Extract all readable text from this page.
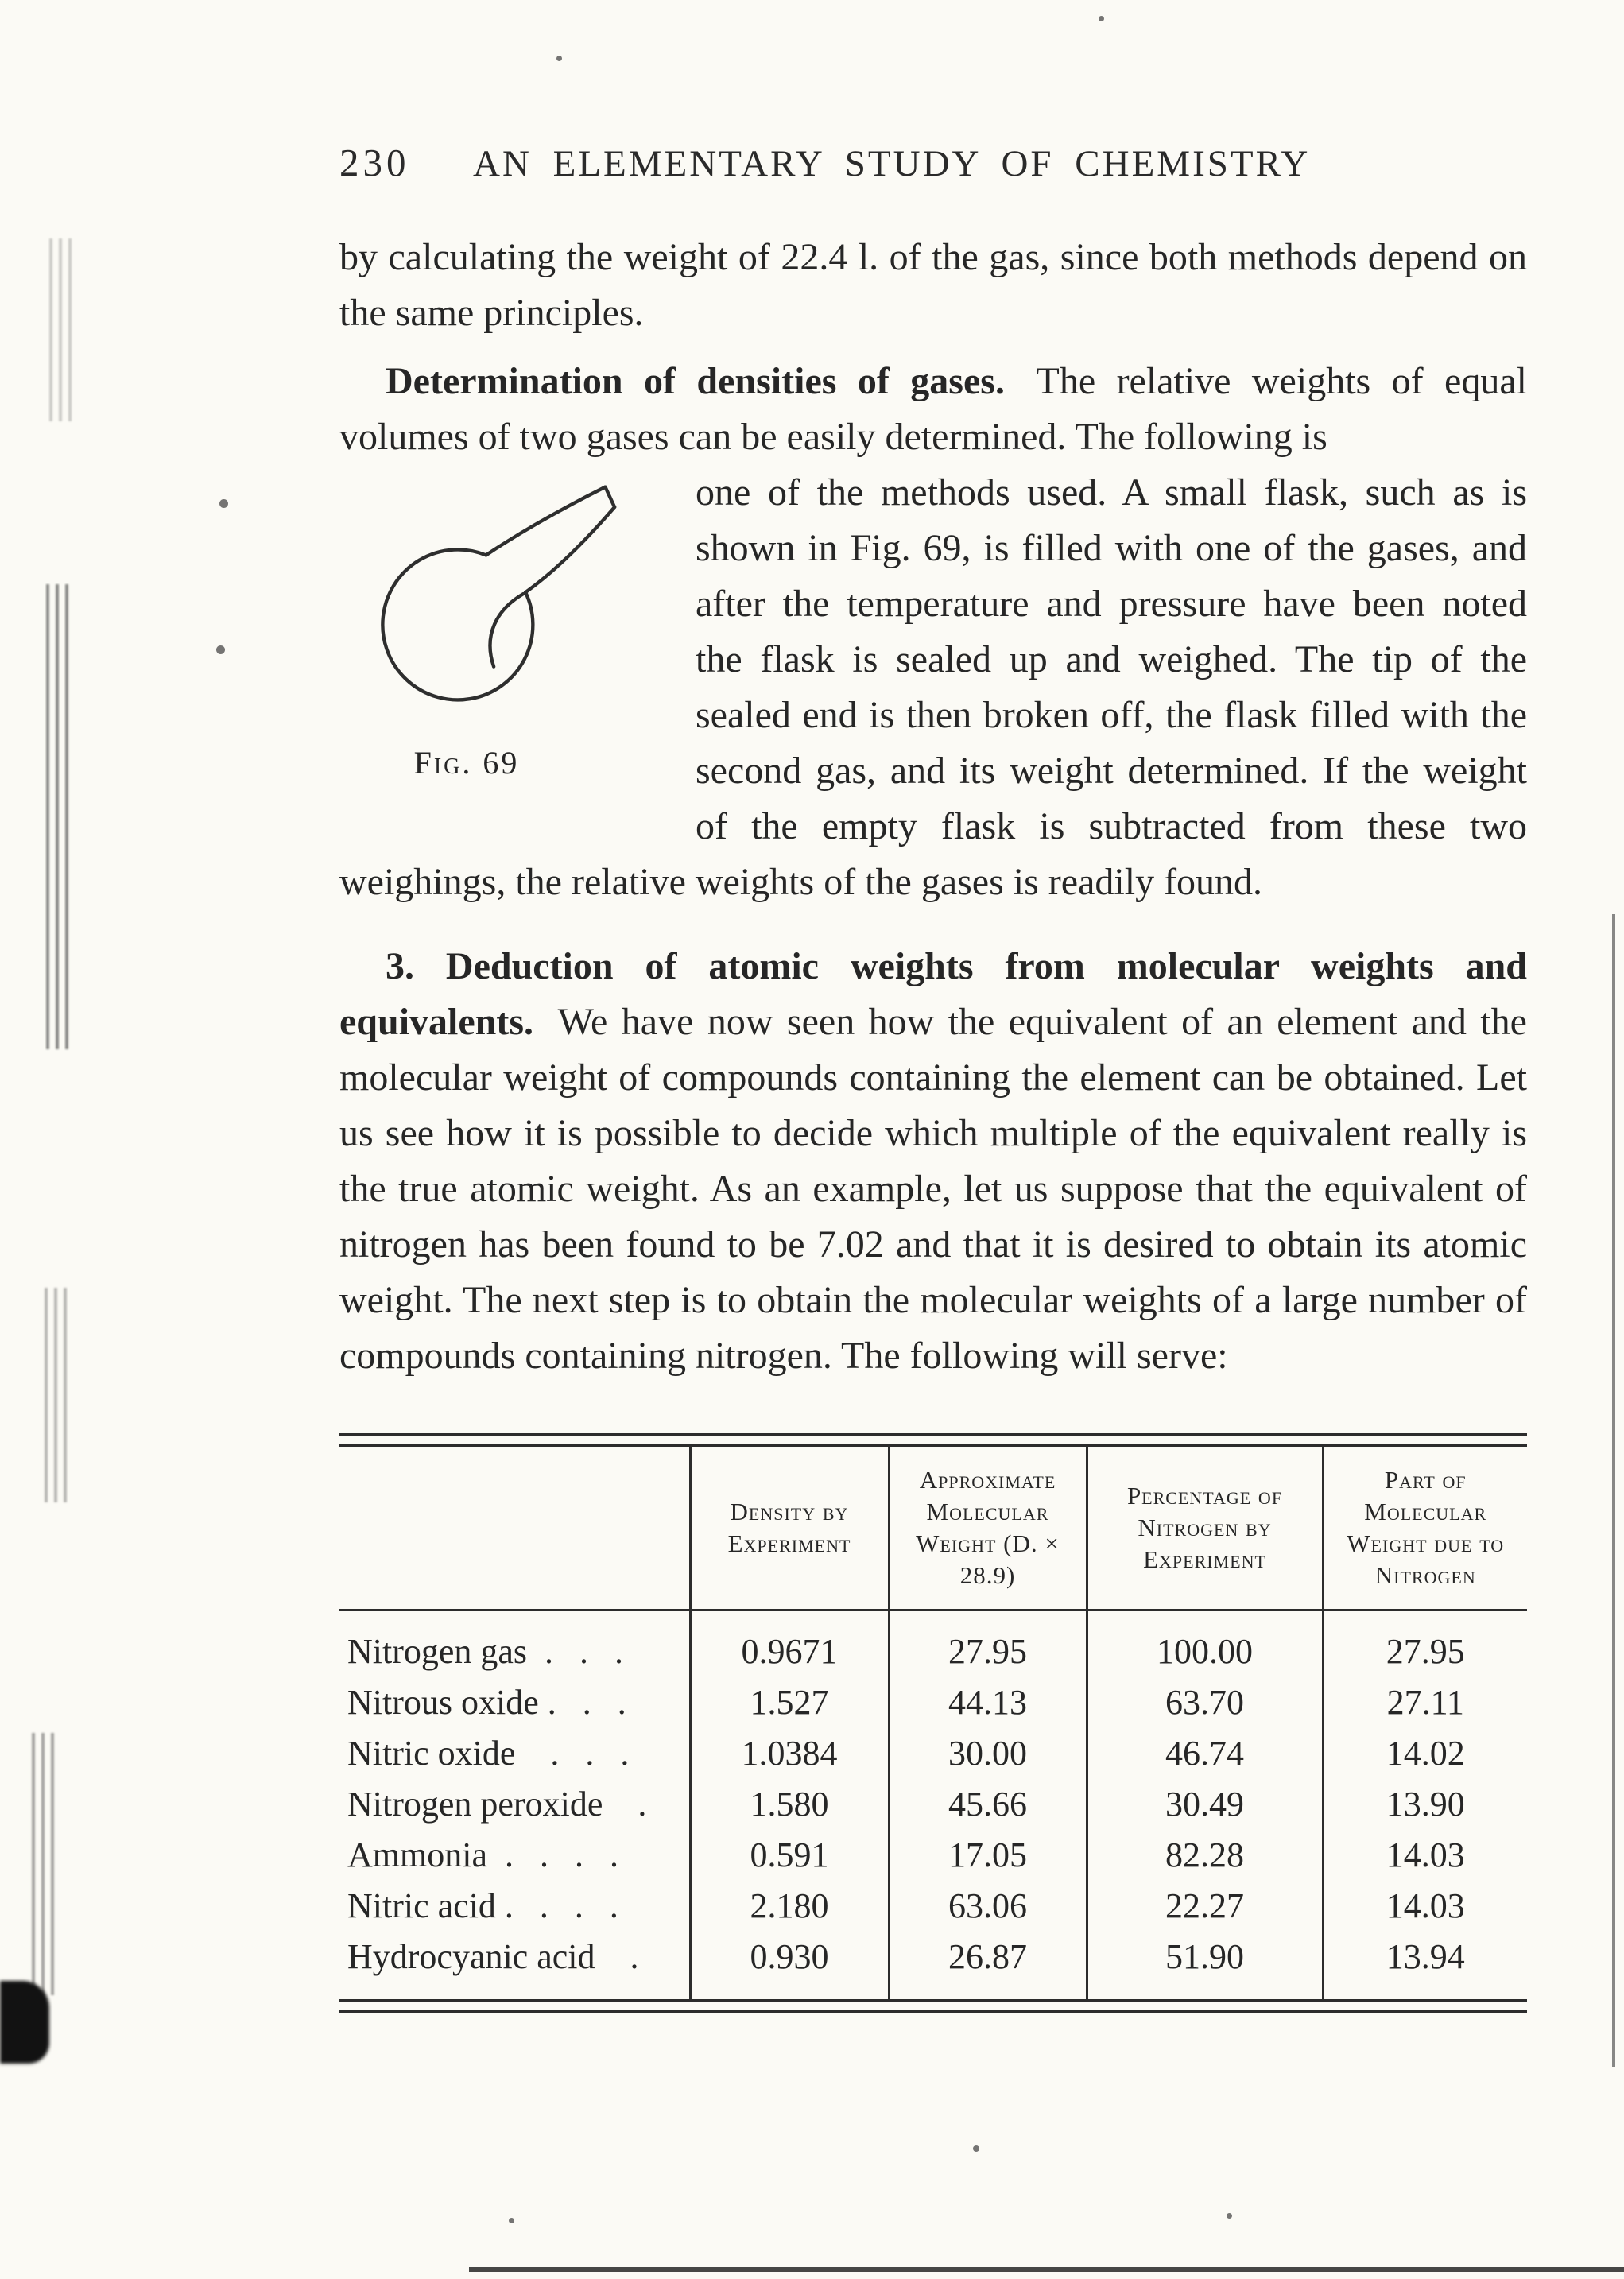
230	AN ELEMENTARY STUDY OF CHEMISTRY

by calculating the weight of 22.4 l. of the gas, since both methods depend on the same principles.

Determination of densities of gases. The relative weights of equal volumes of two gases can be easily determined. The following is

Fig. 69
one of the methods used. A small flask, such as is shown in Fig. 69, is filled with one of the gases, and after the temperature and pressure have been noted the flask is sealed up and weighed. The tip of the sealed end is then broken off, the flask filled with the second gas, and its weight determined. If the weight of the empty flask is subtracted from these two weighings, the relative weights of the gases is readily found.

3. Deduction of atomic weights from molecular weights and equivalents. We have now seen how the equivalent of an element and the molecular weight of compounds containing the element can be obtained. Let us see how it is possible to decide which multiple of the equivalent really is the true atomic weight. As an example, let us suppose that the equivalent of nitrogen has been found to be 7.02 and that it is desired to obtain its atomic weight. The next step is to obtain the molecular weights of a large number of compounds containing nitrogen. The following will serve:

	Density by Experiment	Approximate Molecular Weight (D. × 28.9)	Percentage of Nitrogen by Experiment	Part of Molecular Weight due to Nitrogen
Nitrogen gas  .   .   .	0.9671	27.95	100.00	27.95
Nitrous oxide .   .   .	1.527	44.13	63.70	27.11
Nitric oxide    .   .   .	1.0384	30.00	46.74	14.02
Nitrogen peroxide    .	1.580	45.66	30.49	13.90
Ammonia  .   .   .   .	0.591	17.05	82.28	14.03
Nitric acid .   .   .   .	2.180	63.06	22.27	14.03
Hydrocyanic acid    .	0.930	26.87	51.90	13.94
